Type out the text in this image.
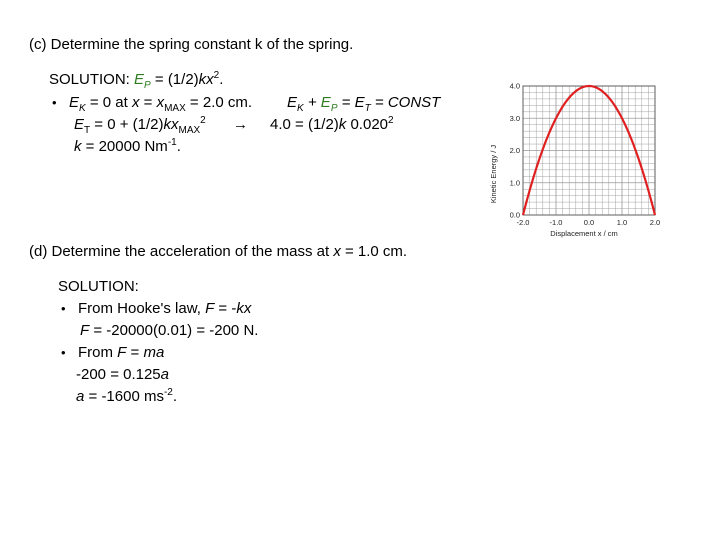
(c) Determine the spring constant k of the spring.
SOLUTION: $E_P = (1/2)kx^2$.
• $E_K = 0$ at $x = x_{MAX} = 2.0$ cm. $E_K + E_P = E_T$ = CONST
$E_T = 0 + (1/2)kx_{MAX}^2 \to 4.0 = (1/2)k$ 0.020$^2$
k = 20000 $Nm^{-1}$.
-2.0	-1.0	0.0	1.0	2.0
0.0
1.0
2.0
3.0
4.0
Kinetic Energy / J
Displacement x / cm
(d) Determine the acceleration of the mass at x = 1.0 cm.
SOLUTION:
• From Hooke's law, F = -kx
F = -20000(0.01) = -200 N.
• From F = ma
-200 = 0.125a
a = -1600 $ms^{-2}$.
